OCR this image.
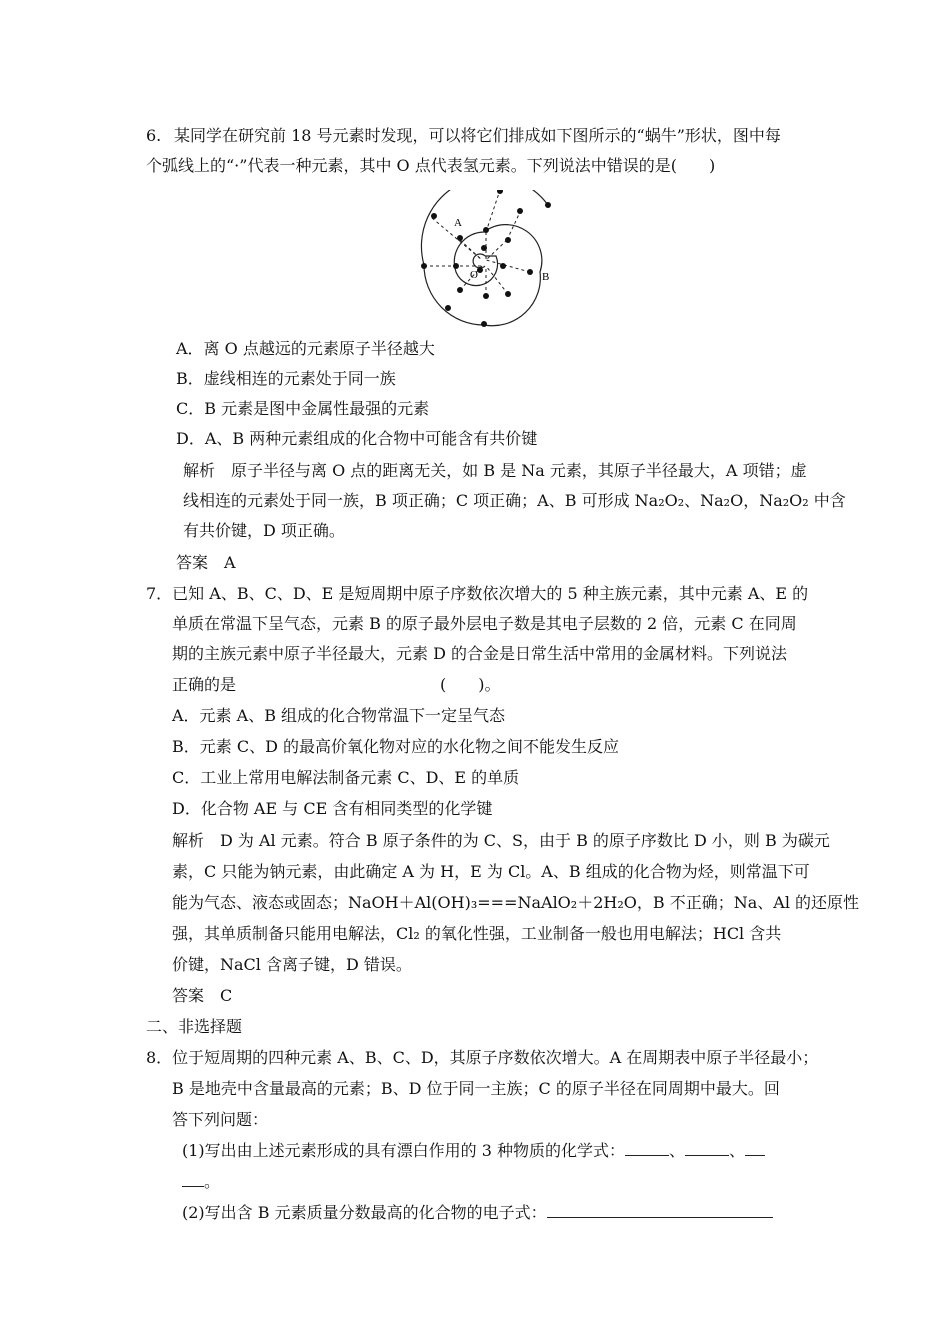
6. 某同学在研究前 18 号元素时发现，可以将它们排成如下图所示的“蜗牛”形状，图中每
个弧线上的“·”代表一种元素，其中 O 点代表氢元素。下列说法中错误的是(　　)
A
O	B
A．离 O 点越远的元素原子半径越大
B．虚线相连的元素处于同一族
C．B 元素是图中金属性最强的元素
D．A、B 两种元素组成的化合物中可能含有共价键
解析　原子半径与离 O 点的距离无关，如 B 是 Na 元素，其原子半径最大，A 项错；虚
线相连的元素处于同一族，B 项正确；C 项正确；A、B 可形成 Na₂O₂、Na₂O，Na₂O₂ 中含
有共价键，D 项正确。
答案　A
7．已知 A、B、C、D、E 是短周期中原子序数依次增大的 5 种主族元素，其中元素 A、E 的
单质在常温下呈气态，元素 B 的原子最外层电子数是其电子层数的 2 倍，元素 C 在同周
期的主族元素中原子半径最大，元素 D 的合金是日常生活中常用的金属材料。下列说法
正确的是	(　　)。
A．元素 A、B 组成的化合物常温下一定呈气态
B．元素 C、D 的最高价氧化物对应的水化物之间不能发生反应
C．工业上常用电解法制备元素 C、D、E 的单质
D．化合物 AE 与 CE 含有相同类型的化学键
解析　D 为 Al 元素。符合 B 原子条件的为 C、S，由于 B 的原子序数比 D 小，则 B 为碳元
素，C 只能为钠元素，由此确定 A 为 H，E 为 Cl。A、B 组成的化合物为烃，则常温下可
能为气态、液态或固态；NaOH＋Al(OH)₃===NaAlO₂＋2H₂O，B 不正确；Na、Al 的还原性
强，其单质制备只能用电解法，Cl₂ 的氧化性强，工业制备一般也用电解法；HCl 含共
价键，NaCl 含离子键，D 错误。
答案　C
二、非选择题
8．位于短周期的四种元素 A、B、C、D，其原子序数依次增大。A 在周期表中原子半径最小；
B 是地壳中含量最高的元素；B、D 位于同一主族；C 的原子半径在同周期中最大。回
答下列问题：
(1)写出由上述元素形成的具有漂白作用的 3 种物质的化学式：	、	、
。
(2)写出含 B 元素质量分数最高的化合物的电子式：
